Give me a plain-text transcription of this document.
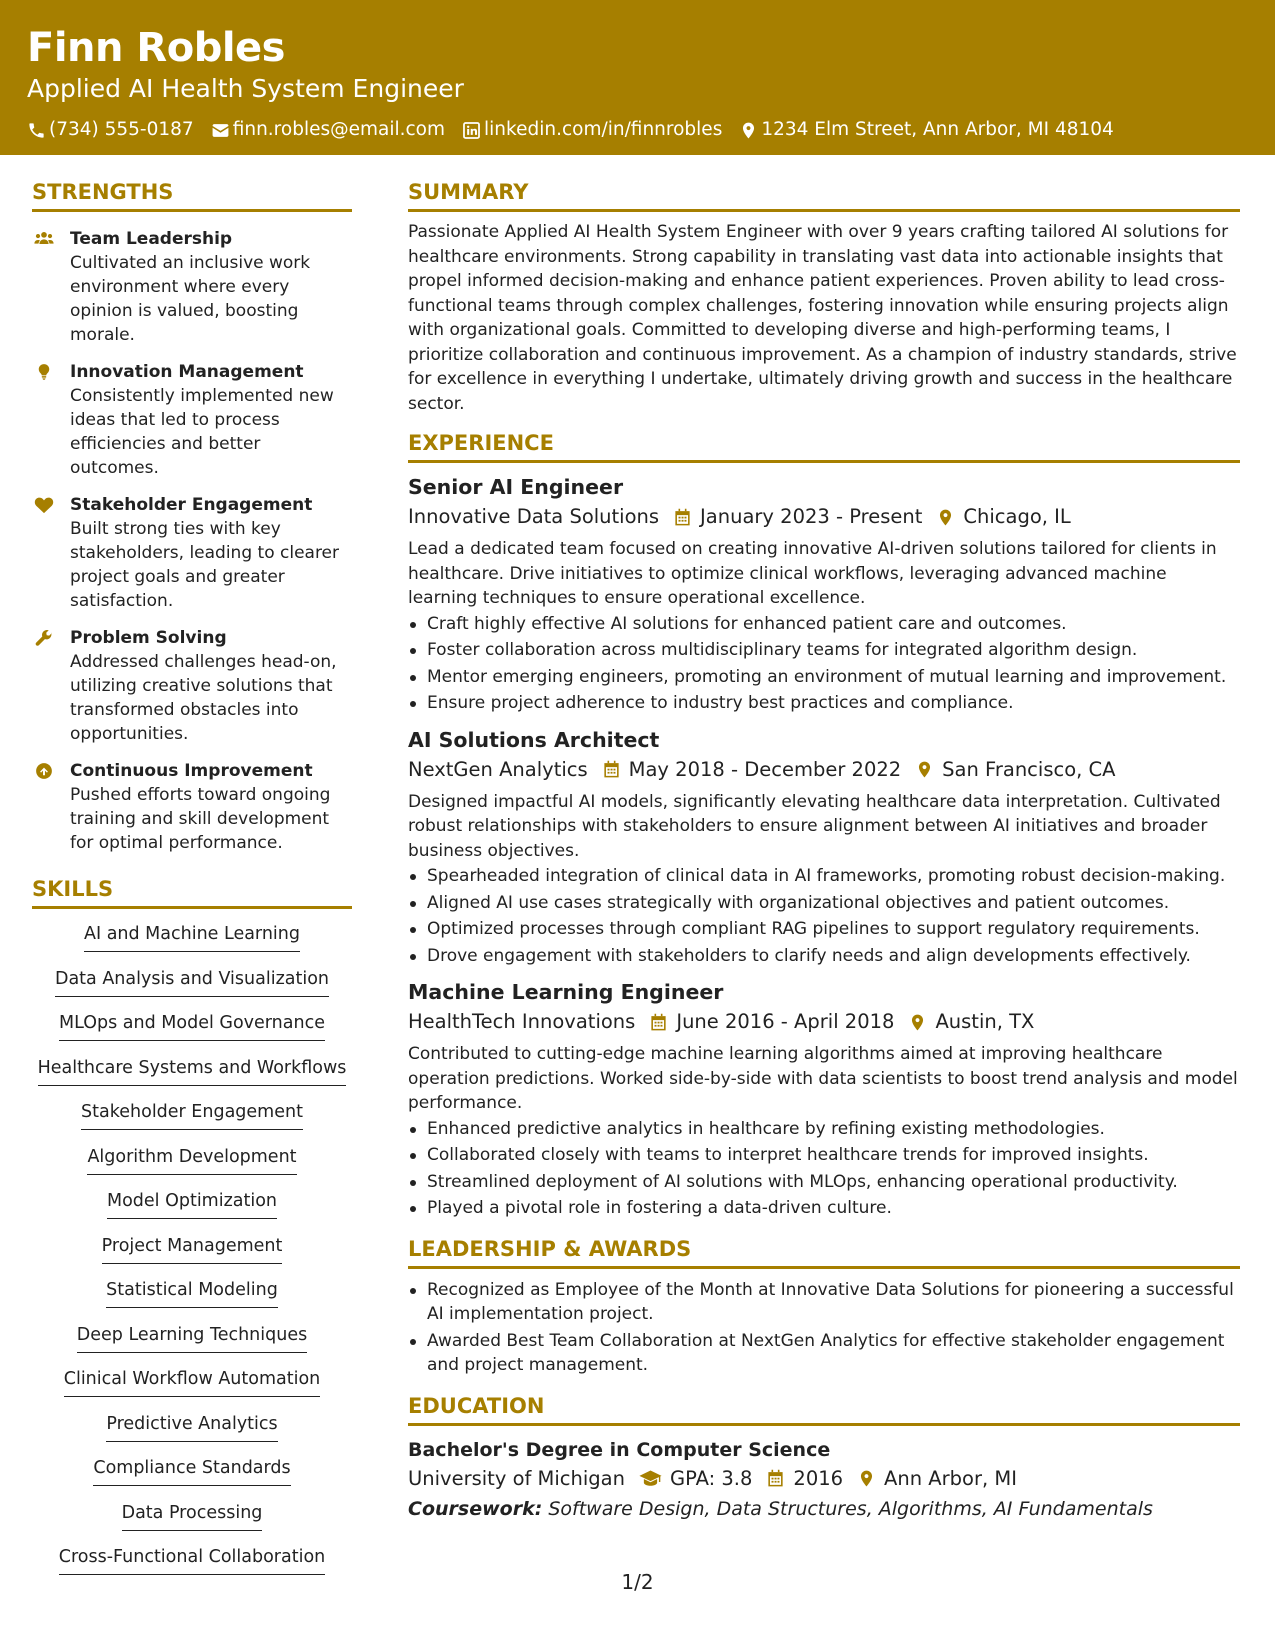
Finn Robles
Applied AI Health System Engineer
(734) 555-0187 finn.robles@email.com linkedin.com/in/finnrobles 1234 Elm Street, Ann Arbor, MI 48104
STRENGTHS
Team Leadership
Cultivated an inclusive work environment where every opinion is valued, boosting morale.
Innovation Management
Consistently implemented new ideas that led to process efficiencies and better outcomes.
Stakeholder Engagement
Built strong ties with key stakeholders, leading to clearer project goals and greater satisfaction.
Problem Solving
Addressed challenges head-on, utilizing creative solutions that transformed obstacles into opportunities.
Continuous Improvement
Pushed efforts toward ongoing training and skill development for optimal performance.
SKILLS
AI and Machine Learning
Data Analysis and Visualization
MLOps and Model Governance
Healthcare Systems and Workflows
Stakeholder Engagement
Algorithm Development
Model Optimization
Project Management
Statistical Modeling
Deep Learning Techniques
Clinical Workflow Automation
Predictive Analytics
Compliance Standards
Data Processing
Cross-Functional Collaboration
SUMMARY
Passionate Applied AI Health System Engineer with over 9 years crafting tailored AI solutions for healthcare environments. Strong capability in translating vast data into actionable insights that propel informed decision-making and enhance patient experiences. Proven ability to lead cross-functional teams through complex challenges, fostering innovation while ensuring projects align with organizational goals. Committed to developing diverse and high-performing teams, I prioritize collaboration and continuous improvement. As a champion of industry standards, strive for excellence in everything I undertake, ultimately driving growth and success in the healthcare sector.
EXPERIENCE
Senior AI Engineer
Innovative Data Solutions January 2023 - Present Chicago, IL
Lead a dedicated team focused on creating innovative AI-driven solutions tailored for clients in healthcare. Drive initiatives to optimize clinical workflows, leveraging advanced machine learning techniques to ensure operational excellence.
Craft highly effective AI solutions for enhanced patient care and outcomes.
Foster collaboration across multidisciplinary teams for integrated algorithm design.
Mentor emerging engineers, promoting an environment of mutual learning and improvement.
Ensure project adherence to industry best practices and compliance.
AI Solutions Architect
NextGen Analytics May 2018 - December 2022 San Francisco, CA
Designed impactful AI models, significantly elevating healthcare data interpretation. Cultivated robust relationships with stakeholders to ensure alignment between AI initiatives and broader business objectives.
Spearheaded integration of clinical data in AI frameworks, promoting robust decision-making.
Aligned AI use cases strategically with organizational objectives and patient outcomes.
Optimized processes through compliant RAG pipelines to support regulatory requirements.
Drove engagement with stakeholders to clarify needs and align developments effectively.
Machine Learning Engineer
HealthTech Innovations June 2016 - April 2018 Austin, TX
Contributed to cutting-edge machine learning algorithms aimed at improving healthcare operation predictions. Worked side-by-side with data scientists to boost trend analysis and model performance.
Enhanced predictive analytics in healthcare by refining existing methodologies.
Collaborated closely with teams to interpret healthcare trends for improved insights.
Streamlined deployment of AI solutions with MLOps, enhancing operational productivity.
Played a pivotal role in fostering a data-driven culture.
LEADERSHIP & AWARDS
Recognized as Employee of the Month at Innovative Data Solutions for pioneering a successful AI implementation project.
Awarded Best Team Collaboration at NextGen Analytics for effective stakeholder engagement and project management.
EDUCATION
Bachelor's Degree in Computer Science
University of Michigan GPA: 3.8 2016 Ann Arbor, MI
Coursework: Software Design, Data Structures, Algorithms, AI Fundamentals
1/2
